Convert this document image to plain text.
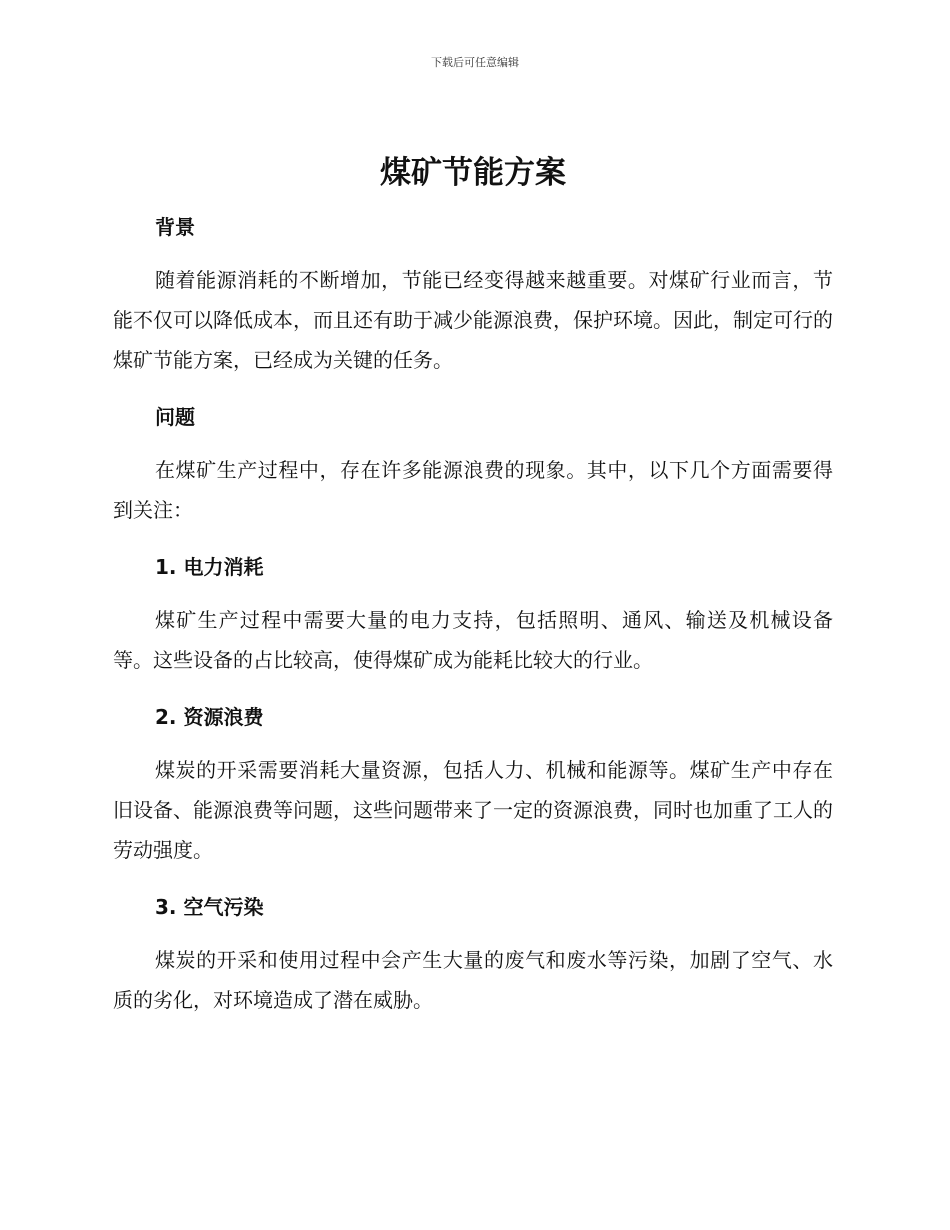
下载后可任意编辑
煤矿节能方案
背景

随着能源消耗的不断增加，节能已经变得越来越重要。对煤矿行业而言，节能不仅可以降低成本，而且还有助于减少能源浪费，保护环境。因此，制定可行的煤矿节能方案，已经成为关键的任务。

问题

在煤矿生产过程中，存在许多能源浪费的现象。其中，以下几个方面需要得到关注：

1. 电力消耗

煤矿生产过程中需要大量的电力支持，包括照明、通风、输送及机械设备等。这些设备的占比较高，使得煤矿成为能耗比较大的行业。

2. 资源浪费

煤炭的开采需要消耗大量资源，包括人力、机械和能源等。煤矿生产中存在旧设备、能源浪费等问题，这些问题带来了一定的资源浪费，同时也加重了工人的劳动强度。

3. 空气污染

煤炭的开采和使用过程中会产生大量的废气和废水等污染，加剧了空气、水质的劣化，对环境造成了潜在威胁。
